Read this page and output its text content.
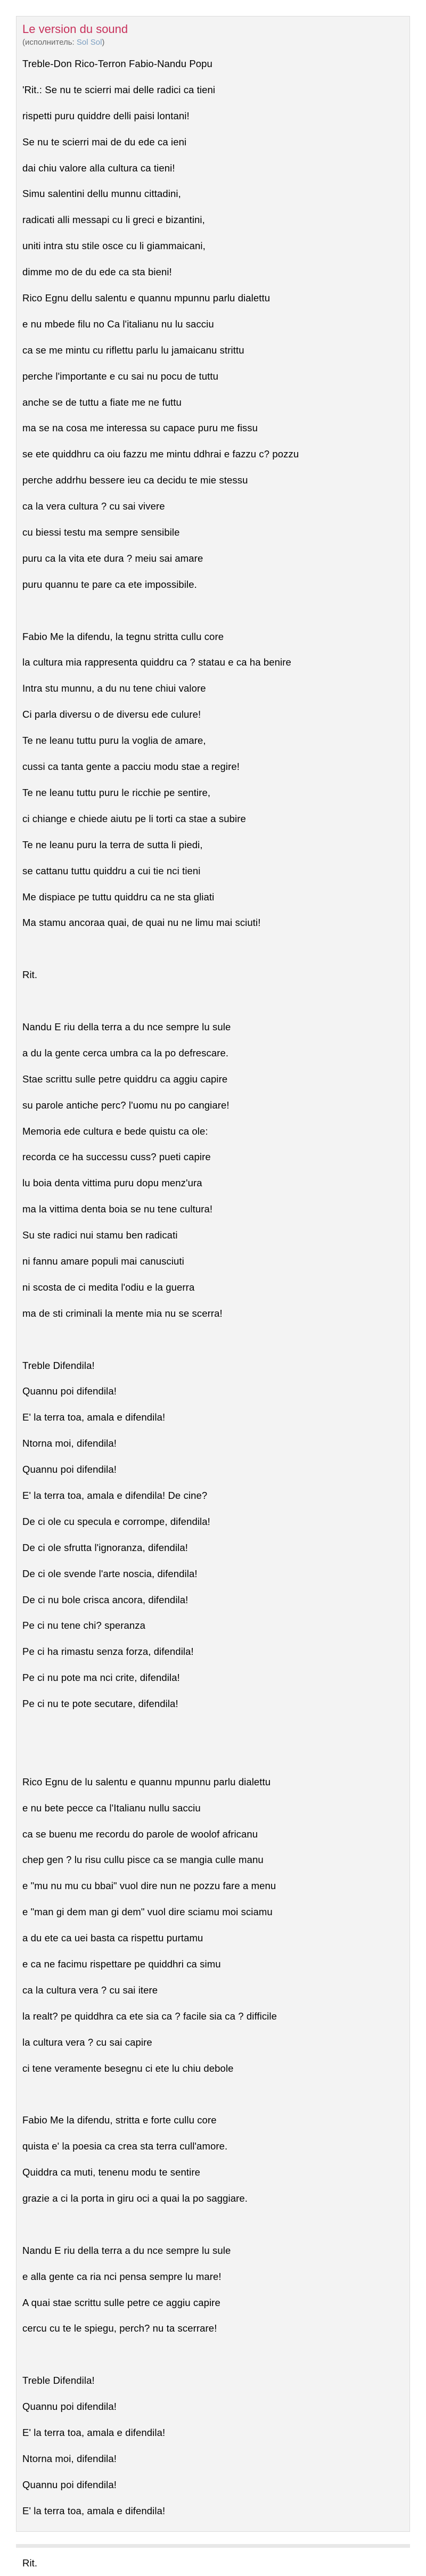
Le version du sound
(исполнитель: Sol Sol)
Treble-Don Rico-Terron Fabio-Nandu Popu
'Rit.: Se nu te scierri mai delle radici ca tieni
rispetti puru quiddre delli paisi lontani!
Se nu te scierri mai de du ede ca ieni
dai chiu valore alla cultura ca tieni!
Simu salentini dellu munnu cittadini,
radicati alli messapi cu li greci e bizantini,
uniti intra stu stile osce cu li giammaicani,
dimme mo de du ede ca sta bieni!
Rico Egnu dellu salentu e quannu mpunnu parlu dialettu
e nu mbede filu no Ca l'italianu nu lu sacciu
ca se me mintu cu riflettu parlu lu jamaicanu strittu
perche l'importante e cu sai nu pocu de tuttu
anche se de tuttu a fiate me ne futtu
ma se na cosa me interessa su capace puru me fissu
se ete quiddhru ca oiu fazzu me mintu ddhrai e fazzu c? pozzu
perche addrhu bessere ieu ca decidu te mie stessu
ca la vera cultura ? cu sai vivere
cu biessi testu ma sempre sensibile
puru ca la vita ete dura ? meiu sai amare
puru quannu te pare ca ete impossibile.
Fabio Me la difendu, la tegnu stritta cullu core
la cultura mia rappresenta quiddru ca ? statau e ca ha benire
Intra stu munnu, a du nu tene chiui valore
Ci parla diversu o de diversu ede culure!
Te ne leanu tuttu puru la voglia de amare,
cussi ca tanta gente a pacciu modu stae a regire!
Te ne leanu tuttu puru le ricchie pe sentire,
ci chiange e chiede aiutu pe li torti ca stae a subire
Te ne leanu puru la terra de sutta li piedi,
se cattanu tuttu quiddru a cui tie nci tieni
Me dispiace pe tuttu quiddru ca ne sta gliati
Ma stamu ancoraa quai, de quai nu ne limu mai sciuti!
Rit.
Nandu E riu della terra a du nce sempre lu sule
a du la gente cerca umbra ca la po defrescare.
Stae scrittu sulle petre quiddru ca aggiu capire
su parole antiche perc? l'uomu nu po cangiare!
Memoria ede cultura e bede quistu ca ole:
recorda ce ha successu cuss? pueti capire
lu boia denta vittima puru dopu menz'ura
ma la vittima denta boia se nu tene cultura!
Su ste radici nui stamu ben radicati
ni fannu amare populi mai canusciuti
ni scosta de ci medita l'odiu e la guerra
ma de sti criminali la mente mia nu se scerra!
Treble Difendila!
Quannu poi difendila!
E' la terra toa, amala e difendila!
Ntorna moi, difendila!
Quannu poi difendila!
E' la terra toa, amala e difendila! De cine?
De ci ole cu specula e corrompe, difendila!
De ci ole sfrutta l'ignoranza, difendila!
De ci ole svende l'arte noscia, difendila!
De ci nu bole crisca ancora, difendila!
Pe ci nu tene chi? speranza
Pe ci ha rimastu senza forza, difendila!
Pe ci nu pote ma nci crite, difendila!
Pe ci nu te pote secutare, difendila!
Rico Egnu de lu salentu e quannu mpunnu parlu dialettu
e nu bete pecce ca l'Italianu nullu sacciu
ca se buenu me recordu do parole de woolof africanu
chep gen ? lu risu cullu pisce ca se mangia culle manu
e "mu nu mu cu bbai" vuol dire nun ne pozzu fare a menu
e "man gi dem man gi dem" vuol dire sciamu moi sciamu
a du ete ca uei basta ca rispettu purtamu
e ca ne facimu rispettare pe quiddhri ca simu
ca la cultura vera ? cu sai itere
la realt? pe quiddhra ca ete sia ca ? facile sia ca ? difficile
la cultura vera ? cu sai capire
ci tene veramente besegnu ci ete lu chiu debole
Fabio Me la difendu, stritta e forte cullu core
quista e' la poesia ca crea sta terra cull'amore.
Quiddra ca muti, tenenu modu te sentire
grazie a ci la porta in giru oci a quai la po saggiare.
Nandu E riu della terra a du nce sempre lu sule
e alla gente ca ria nci pensa sempre lu mare!
A quai stae scrittu sulle petre ce aggiu capire
cercu cu te le spiegu, perch? nu ta scerrare!
Treble Difendila!
Quannu poi difendila!
E' la terra toa, amala e difendila!
Ntorna moi, difendila!
Quannu poi difendila!
E' la terra toa, amala e difendila!
Rit.
